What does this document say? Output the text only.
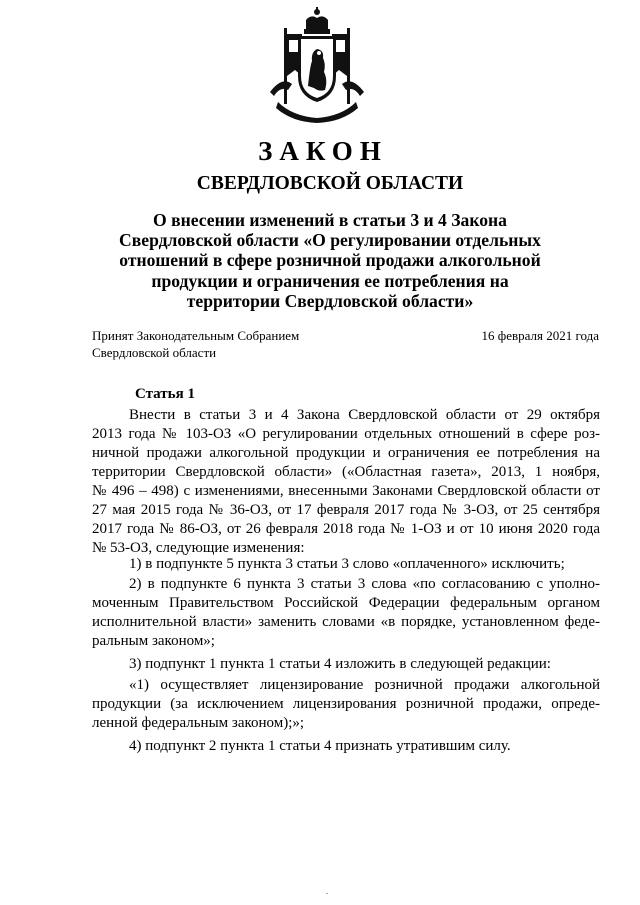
ЗАКОН
СВЕРДЛОВСКОЙ ОБЛАСТИ
О внесении изменений в статьи 3 и 4 Закона
Свердловской области «О регулировании отдельных
отношений в сфере розничной продажи алкогольной
продукции и ограничения ее потребления на
территории Свердловской области»
Принят Законодательным Собранием
Свердловской области
16 февраля 2021 года
Статья 1
Внести в статьи 3 и 4 Закона Свердловской области от 29 октября
2013 года № 103-ОЗ «О регулировании отдельных отношений в сфере роз-
ничной продажи алкогольной продукции и ограничения ее потребления на
территории Свердловской области» («Областная газета», 2013, 1 ноября,
№ 496 – 498) с изменениями, внесенными Законами Свердловской области от
27 мая 2015 года № 36-ОЗ, от 17 февраля 2017 года № 3-ОЗ, от 25 сентября
2017 года № 86-ОЗ, от 26 февраля 2018 года № 1-ОЗ и от 10 июня 2020 года
№ 53-ОЗ, следующие изменения:
1) в подпункте 5 пункта 3 статьи 3 слово «оплаченного» исключить;
2) в подпункте 6 пункта 3 статьи 3 слова «по согласованию с уполно-
моченным Правительством Российской Федерации федеральным органом
исполнительной власти» заменить словами «в порядке, установленном феде-
ральным законом»;
3) подпункт 1 пункта 1 статьи 4 изложить в следующей редакции:
«1) осуществляет лицензирование розничной продажи алкогольной
продукции (за исключением лицензирования розничной продажи, опреде-
ленной федеральным законом);»;
4) подпункт 2 пункта 1 статьи 4 признать утратившим силу.
.
